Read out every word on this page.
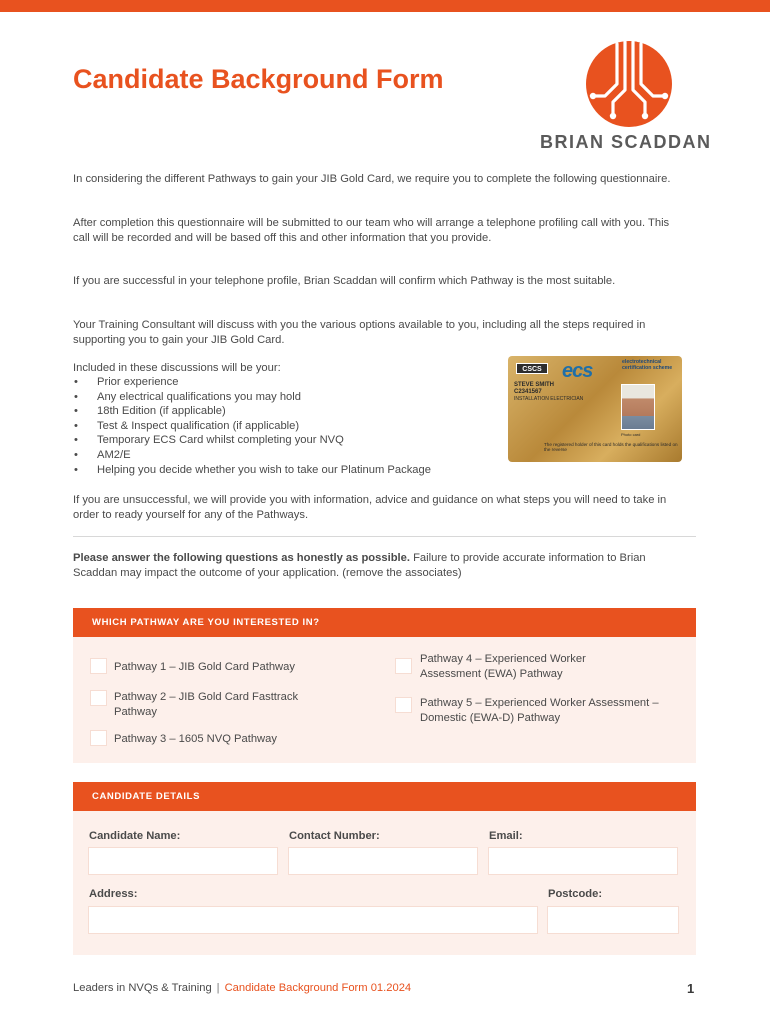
Candidate Background Form
BRIAN SCADDAN

In considering the different Pathways to gain your JIB Gold Card, we require you to complete the following questionnaire.

After completion this questionnaire will be submitted to our team who will arrange a telephone profiling call with you. This call will be recorded and will be based off this and other information that you provide.

If you are successful in your telephone profile, Brian Scaddan will confirm which Pathway is the most suitable.

Your Training Consultant will discuss with you the various options available to you, including all the steps required in supporting you to gain your JIB Gold Card.

Included in these discussions will be your:

• Prior experience
• Any electrical qualifications you may hold
• 18th Edition (if applicable)
• Test & Inspect qualification (if applicable)
• Temporary ECS Card whilst completing your NVQ
• AM2/E
• Helping you decide whether you wish to take our Platinum Package
CSCS	ecs	electrotechnical certification scheme
STEVE SMITH
C2341567
INSTALLATION ELECTRICIAN
Photo card
The registered holder of this card holds the qualifications listed on the reverse

If you are unsuccessful, we will provide you with information, advice and guidance on what steps you will need to take in order to ready yourself for any of the Pathways.

Please answer the following questions as honestly as possible. Failure to provide accurate information to Brian Scaddan may impact the outcome of your application. (remove the associates)

WHICH PATHWAY ARE YOU INTERESTED IN?
Pathway 1 – JIB Gold Card Pathway
Pathway 2 – JIB Gold Card Fasttrack Pathway
Pathway 3 – 1605 NVQ Pathway
Pathway 4 – Experienced Worker Assessment (EWA) Pathway
Pathway 5 – Experienced Worker Assessment – Domestic (EWA-D) Pathway
CANDIDATE DETAILS
Candidate Name:	Contact Number:	Email:
Address:	Postcode:
Leaders in NVQs & Training | Candidate Background Form 01.2024	1
